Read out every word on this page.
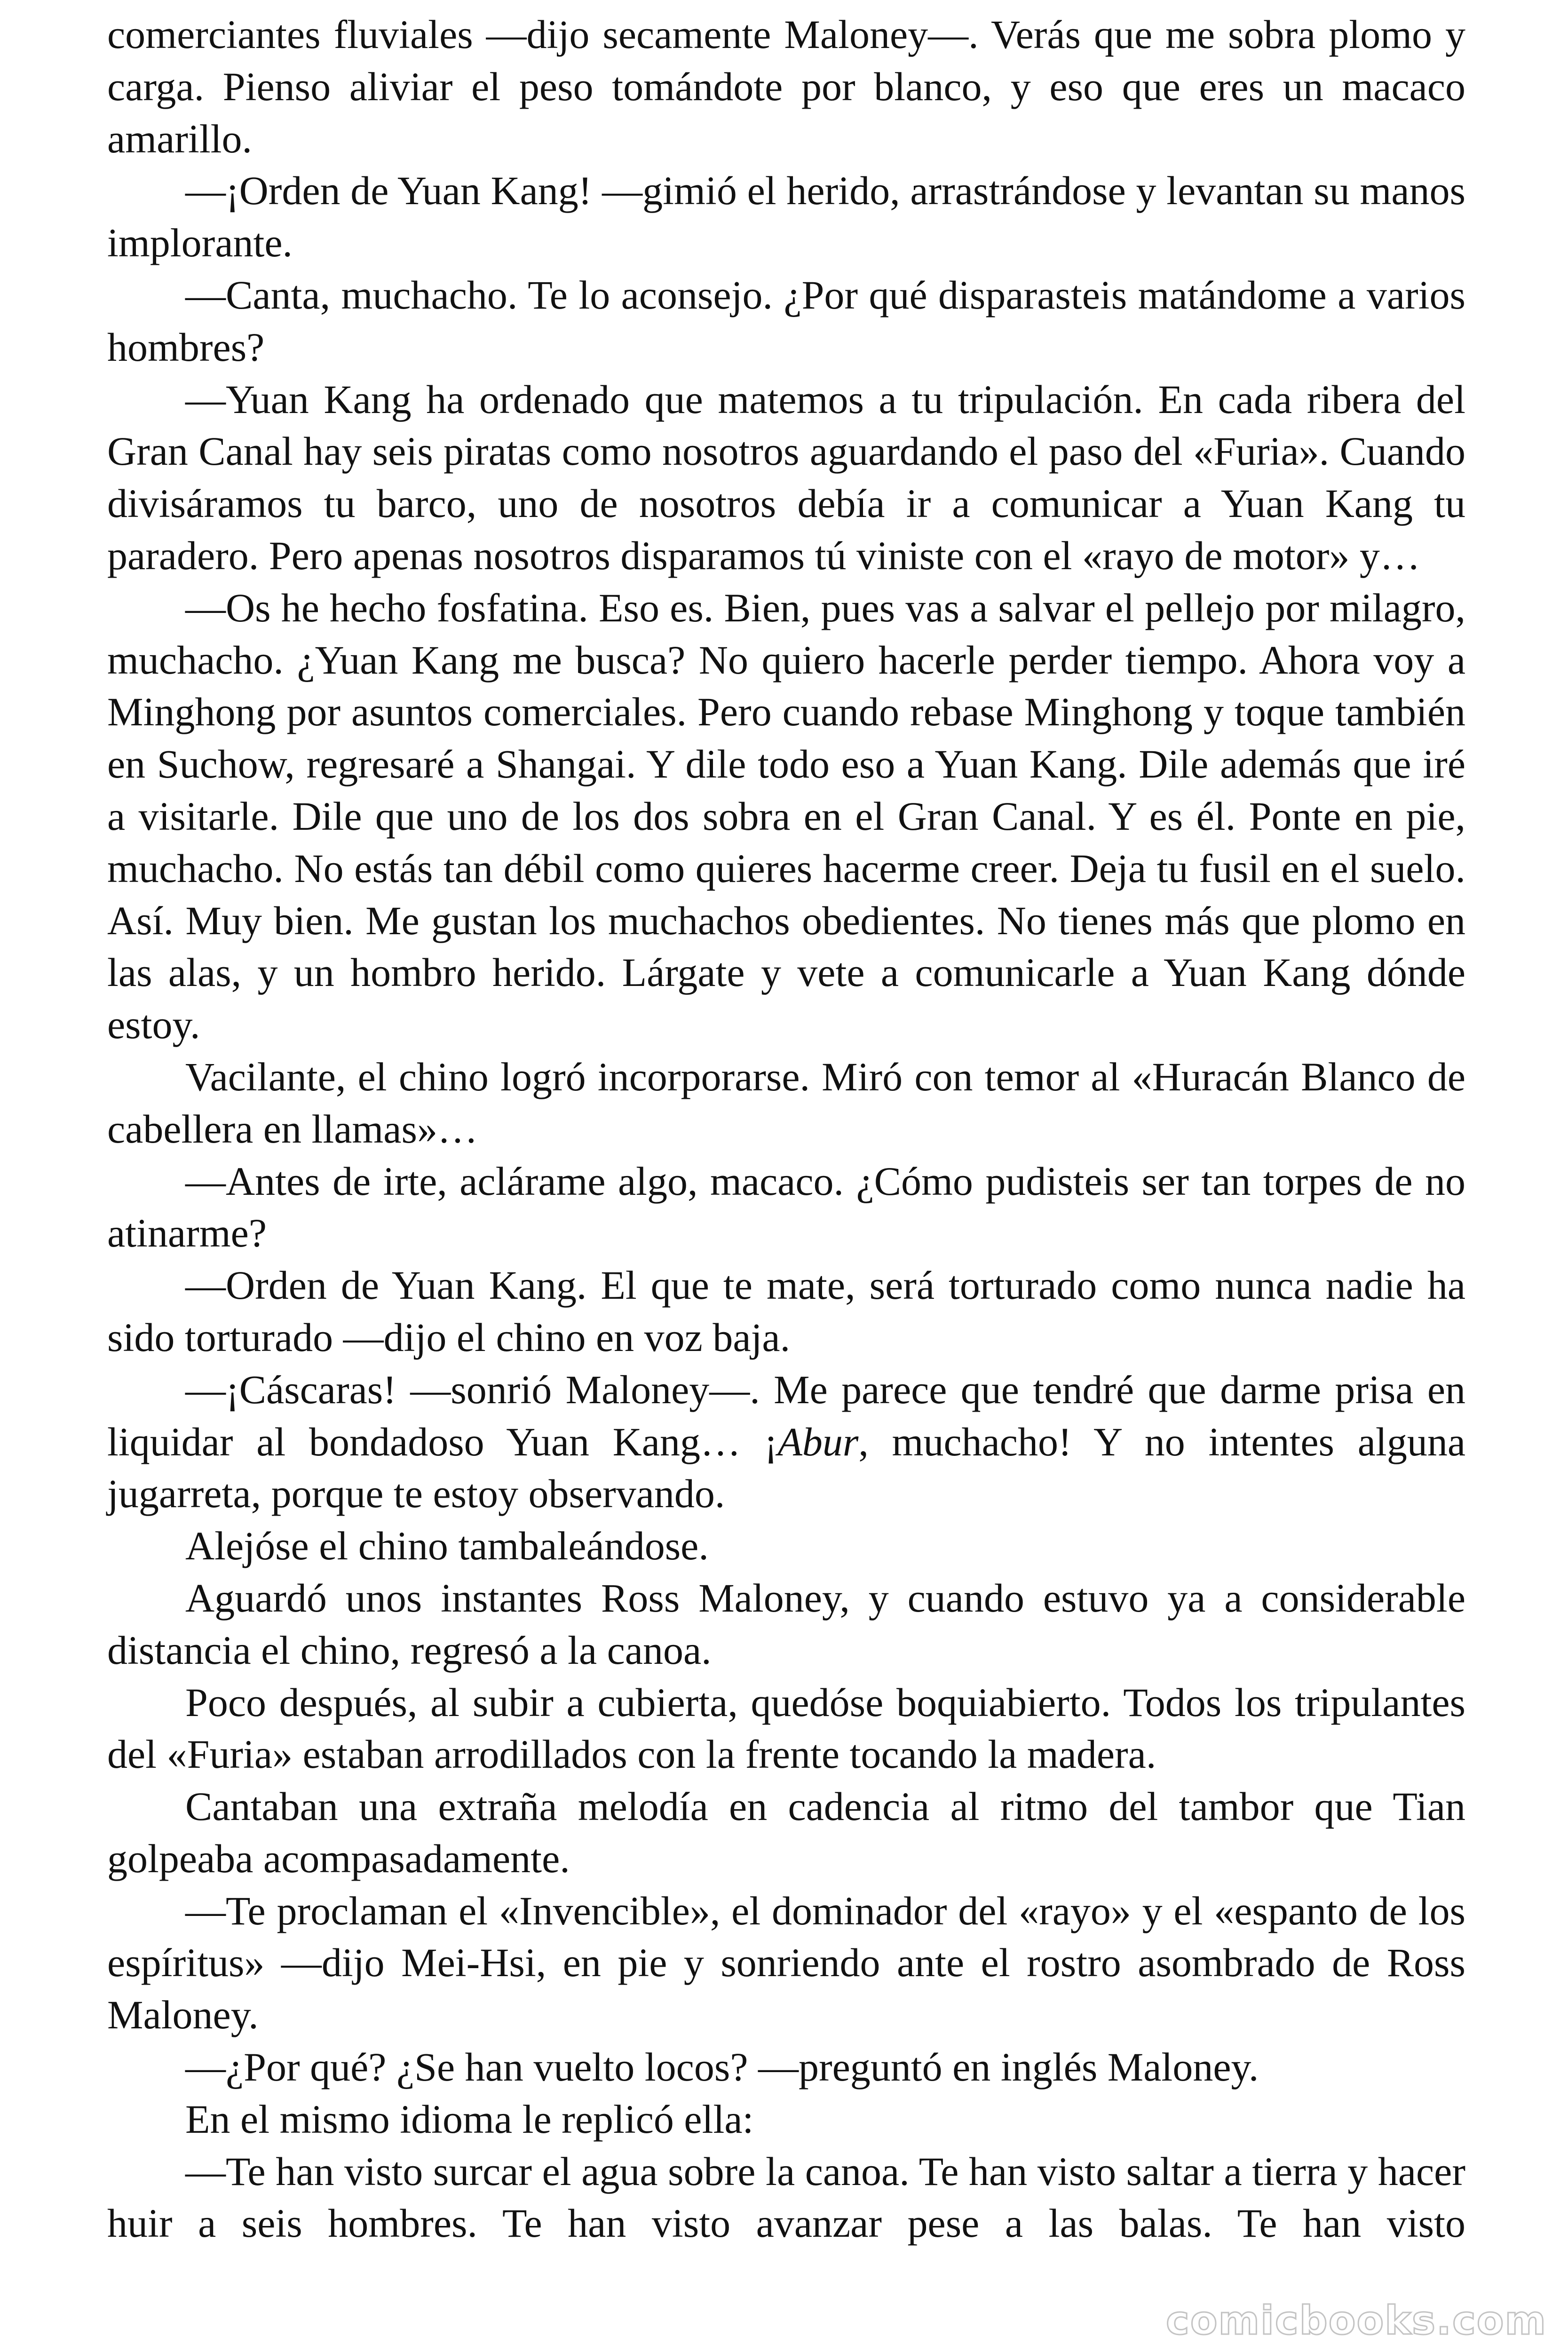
comerciantes fluviales —dijo secamente Maloney—. Verás que me sobra plomo y carga. Pienso aliviar el peso tomándote por blanco, y eso que eres un macaco amarillo.

—¡Orden de Yuan Kang! —gimió el herido, arrastrándose y levantan su manos implorante.

—Canta, muchacho. Te lo aconsejo. ¿Por qué disparasteis matándome a varios hombres?

—Yuan Kang ha ordenado que matemos a tu tripulación. En cada ribera del Gran Canal hay seis piratas como nosotros aguardando el paso del «Furia». Cuando divisáramos tu barco, uno de nosotros debía ir a comunicar a Yuan Kang tu paradero. Pero apenas nosotros disparamos tú viniste con el «rayo de motor» y…

—Os he hecho fosfatina. Eso es. Bien, pues vas a salvar el pellejo por milagro, muchacho. ¿Yuan Kang me busca? No quiero hacerle perder tiempo. Ahora voy a Minghong por asuntos comerciales. Pero cuando rebase Minghong y toque también en Suchow, regresaré a Shangai. Y dile todo eso a Yuan Kang. Dile además que iré a visitarle. Dile que uno de los dos sobra en el Gran Canal. Y es él. Ponte en pie, muchacho. No estás tan débil como quieres hacerme creer. Deja tu fusil en el suelo. Así. Muy bien. Me gustan los muchachos obedientes. No tienes más que plomo en las alas, y un hombro herido. Lárgate y vete a comunicarle a Yuan Kang dónde estoy.

Vacilante, el chino logró incorporarse. Miró con temor al «Huracán Blanco de cabellera en llamas»…

—Antes de irte, aclárame algo, macaco. ¿Cómo pudisteis ser tan torpes de no atinarme?

—Orden de Yuan Kang. El que te mate, será torturado como nunca nadie ha sido torturado —dijo el chino en voz baja.

—¡Cáscaras! —sonrió Maloney—. Me parece que tendré que darme prisa en liquidar al bondadoso Yuan Kang… ¡Abur, muchacho! Y no intentes alguna jugarreta, porque te estoy observando.

Alejóse el chino tambaleándose.

Aguardó unos instantes Ross Maloney, y cuando estuvo ya a considerable distancia el chino, regresó a la canoa.

Poco después, al subir a cubierta, quedóse boquiabierto. Todos los tripulantes del «Furia» estaban arrodillados con la frente tocando la madera.

Cantaban una extraña melodía en cadencia al ritmo del tambor que Tian golpeaba acompasadamente.

—Te proclaman el «Invencible», el dominador del «rayo» y el «espanto de los espíritus» —dijo Mei-Hsi, en pie y sonriendo ante el rostro asombrado de Ross Maloney.

—¿Por qué? ¿Se han vuelto locos? —preguntó en inglés Maloney.

En el mismo idioma le replicó ella:

—Te han visto surcar el agua sobre la canoa. Te han visto saltar a tierra y hacer huir a seis hombres. Te han visto avanzar pese a las balas. Te han visto

comicbooks.com
